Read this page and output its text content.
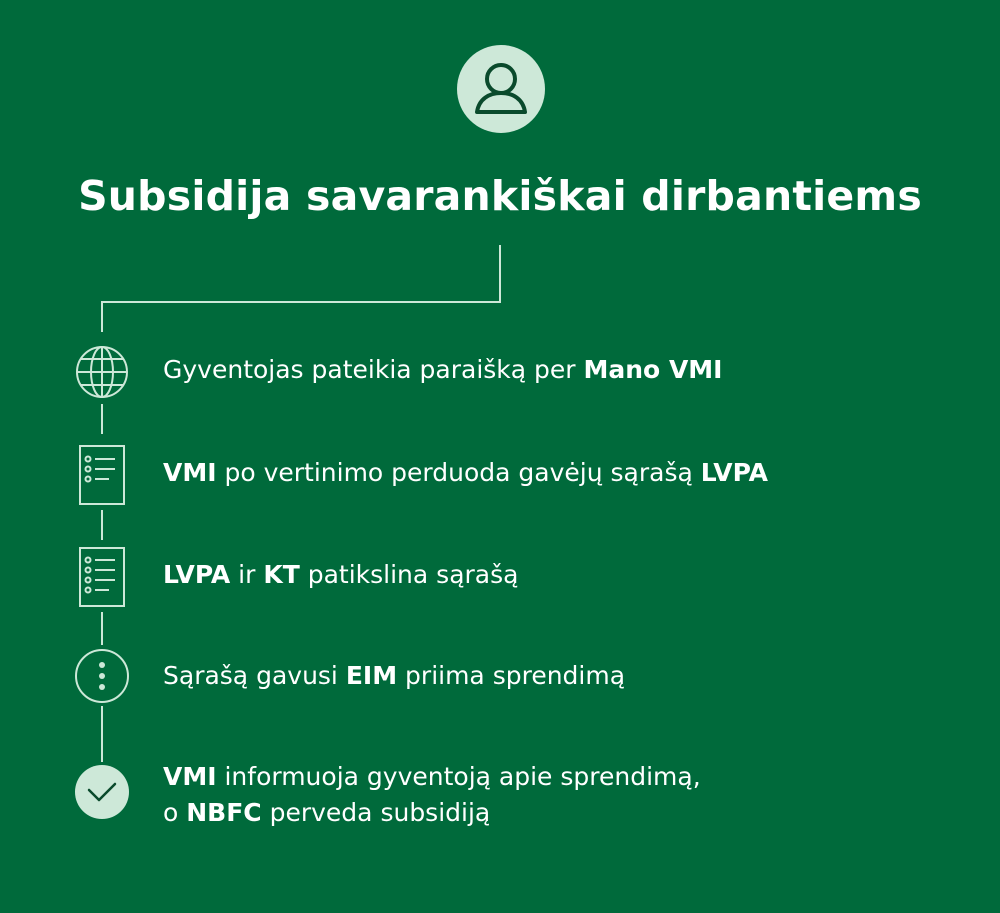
Subsidija savarankiškai dirbantiems
Gyventojas pateikia paraišką per Mano VMI
VMI po vertinimo perduoda gavėjų sąrašą LVPA
LVPA ir KT patikslina sąrašą
Sąrašą gavusi EIM priima sprendimą
VMI informuoja gyventoją apie sprendimą,
o NBFC perveda subsidiją
